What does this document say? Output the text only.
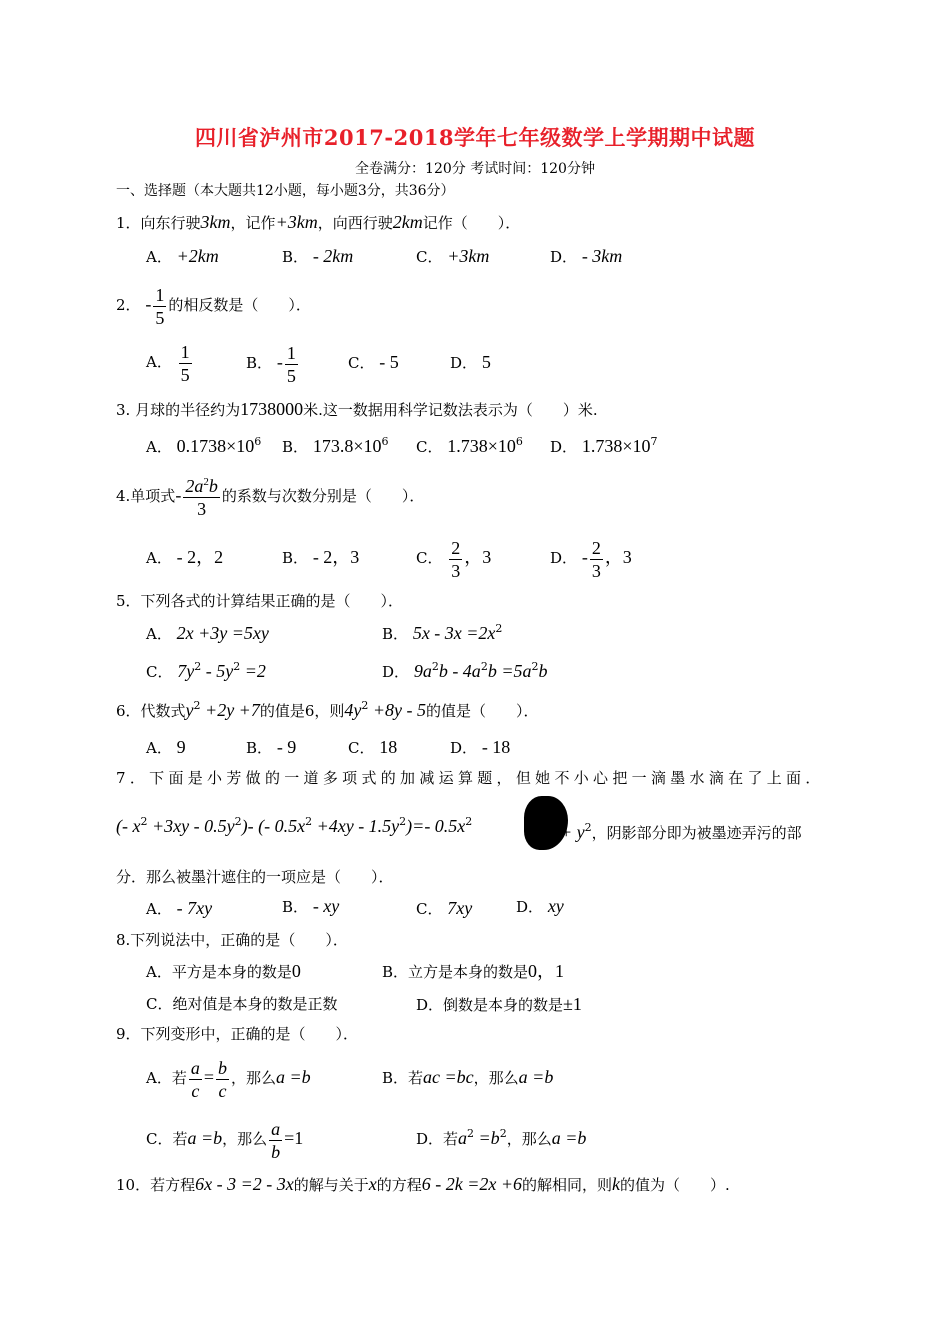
四川省泸州市2017-2018学年七年级数学上学期期中试题
全卷满分：120分 考试时间：120分钟
一、选择题（本大题共12小题，每小题3分，共36分）
1．向东行驶3km，记作+3km，向西行驶2km记作（　　）．
A． +2km	B． - 2km	C． +3km	D． - 3km
2． - $\frac{1}{5}$ 的相反数是（　　）．
A． $\frac{1}{5}$	B． - $\frac{1}{5}$	C． - 5	D． 5
3. 月球的半径约为1738000米.这一数据用科学记数法表示为（　　）米.
A． $0.1738\times 10^6$ B． $173.8\times 10^6$ C． $1.738\times 10^6$ D． $1.738\times 10^7$
4.单项式- $\frac{2a^2b}{3}$ 的系数与次数分别是（　　）．
A． - 2，2	B． - 2，3	C． $\frac{2}{3}$ ，3	D． - $\frac{2}{3}$ ，3
5．下列各式的计算结果正确的是（　　）．
A． 2x +3y =5xy	B． $5x - 3x =2x^2$
C． $7y^2 - 5y^2 =2$	D． $9a^2b - 4a^2b =5a^2b$
6．代数式$y^2 +2y +7$的值是6，则$4y^2 +8y - 5$的值是（　　）．
A． 9	B． - 9	C． 18	D． - 18
7．下面是小芳做的一道多项式的加减运算题，但她不小心把一滴墨水滴在了上面．
(- $x^2 +3xy - 0.5y^2)-$ (- $0.5x^2 +4xy - 1.5y^2)=-$ $0.5x^2$
+ $y^2$，阴影部分即为被墨迹弄污的部
分．那么被墨汁遮住的一项应是（　　）．
A． - 7xy	B． - xy	C． 7xy	D． xy
8.下列说法中，正确的是（　　）．
A．平方是本身的数是0	B．立方是本身的数是0，1
C．绝对值是本身的数是正数	D．倒数是本身的数是±1
9．下列变形中，正确的是（　　）．
A．若 $\frac{a}{c} = \frac{b}{c}$ ，那么a =b	B．若ac =bc，那么a =b
C．若a =b，那么 $\frac{a}{b} =1$	D．若$a^2 =b^2$，那么a =b
10．若方程6x - 3 =2 - 3x的解与关于x的方程6 - 2k =2x +6的解相同，则k的值为（　　）.
